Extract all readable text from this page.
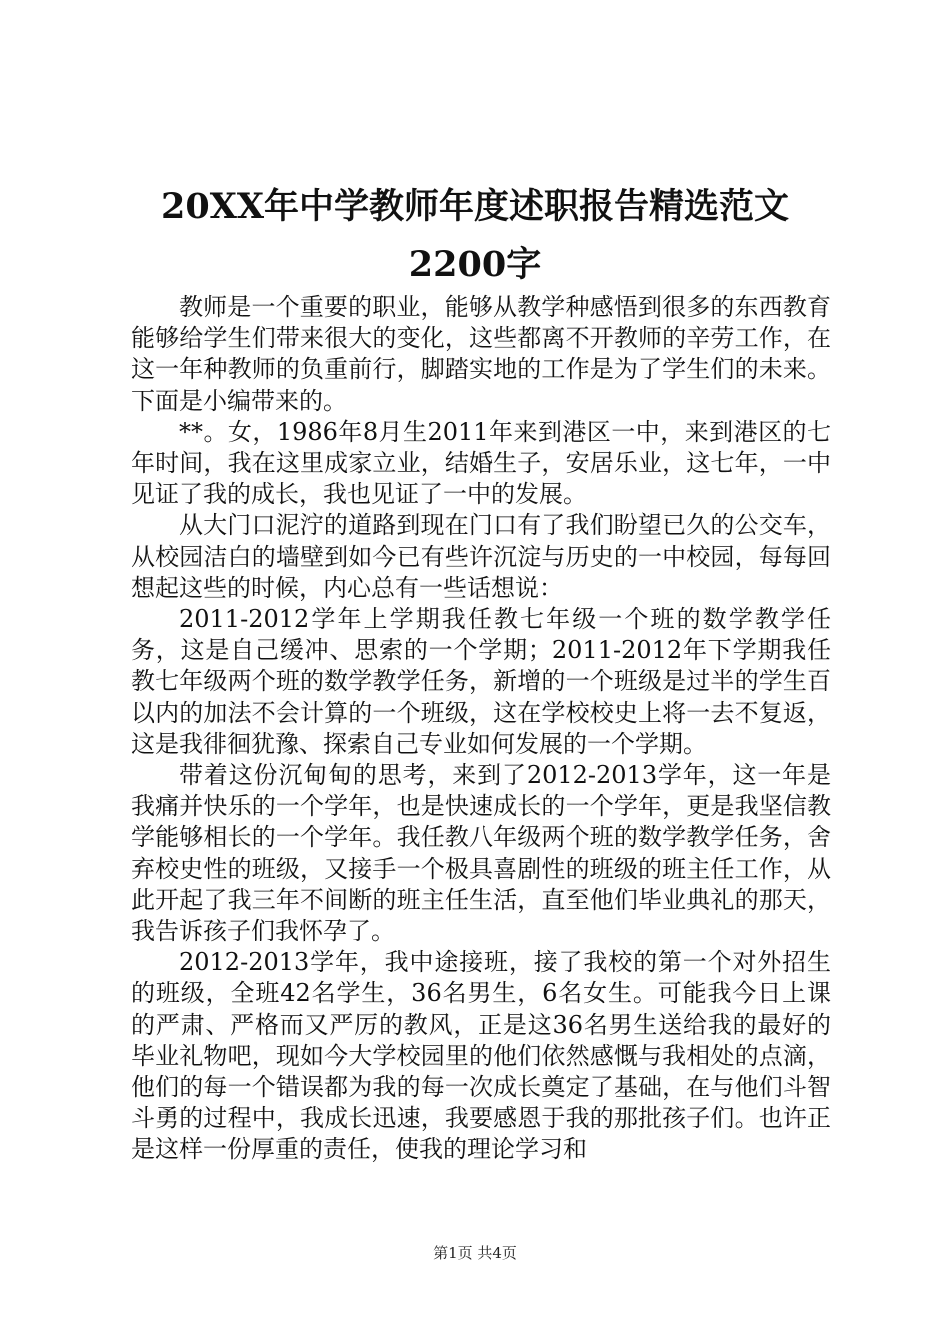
20XX年中学教师年度述职报告精选范文2200字

教师是一个重要的职业，能够从教学种感悟到很多的东西教育能够给学生们带来很大的变化，这些都离不开教师的辛劳工作，在这一年种教师的负重前行，脚踏实地的工作是为了学生们的未来。下面是小编带来的。

**。女，1986年8月生2011年来到港区一中，来到港区的七年时间，我在这里成家立业，结婚生子，安居乐业，这七年，一中见证了我的成长，我也见证了一中的发展。

从大门口泥泞的道路到现在门口有了我们盼望已久的公交车，从校园洁白的墙壁到如今已有些许沉淀与历史的一中校园，每每回想起这些的时候，内心总有一些话想说：

2011-2012学年上学期我任教七年级一个班的数学教学任务，这是自己缓冲、思索的一个学期；2011-2012年下学期我任教七年级两个班的数学教学任务，新增的一个班级是过半的学生百以内的加法不会计算的一个班级，这在学校校史上将一去不复返，这是我徘徊犹豫、探索自己专业如何发展的一个学期。

带着这份沉甸甸的思考，来到了2012-2013学年，这一年是我痛并快乐的一个学年，也是快速成长的一个学年，更是我坚信教学能够相长的一个学年。我任教八年级两个班的数学教学任务，舍弃校史性的班级，又接手一个极具喜剧性的班级的班主任工作，从此开起了我三年不间断的班主任生活，直至他们毕业典礼的那天，我告诉孩子们我怀孕了。

2012-2013学年，我中途接班，接了我校的第一个对外招生的班级，全班42名学生，36名男生，6名女生。可能我今日上课的严肃、严格而又严厉的教风，正是这36名男生送给我的最好的毕业礼物吧，现如今大学校园里的他们依然感慨与我相处的点滴，他们的每一个错误都为我的每一次成长奠定了基础，在与他们斗智斗勇的过程中，我成长迅速，我要感恩于我的那批孩子们。也许正是这样一份厚重的责任，使我的理论学习和

第1页 共4页
